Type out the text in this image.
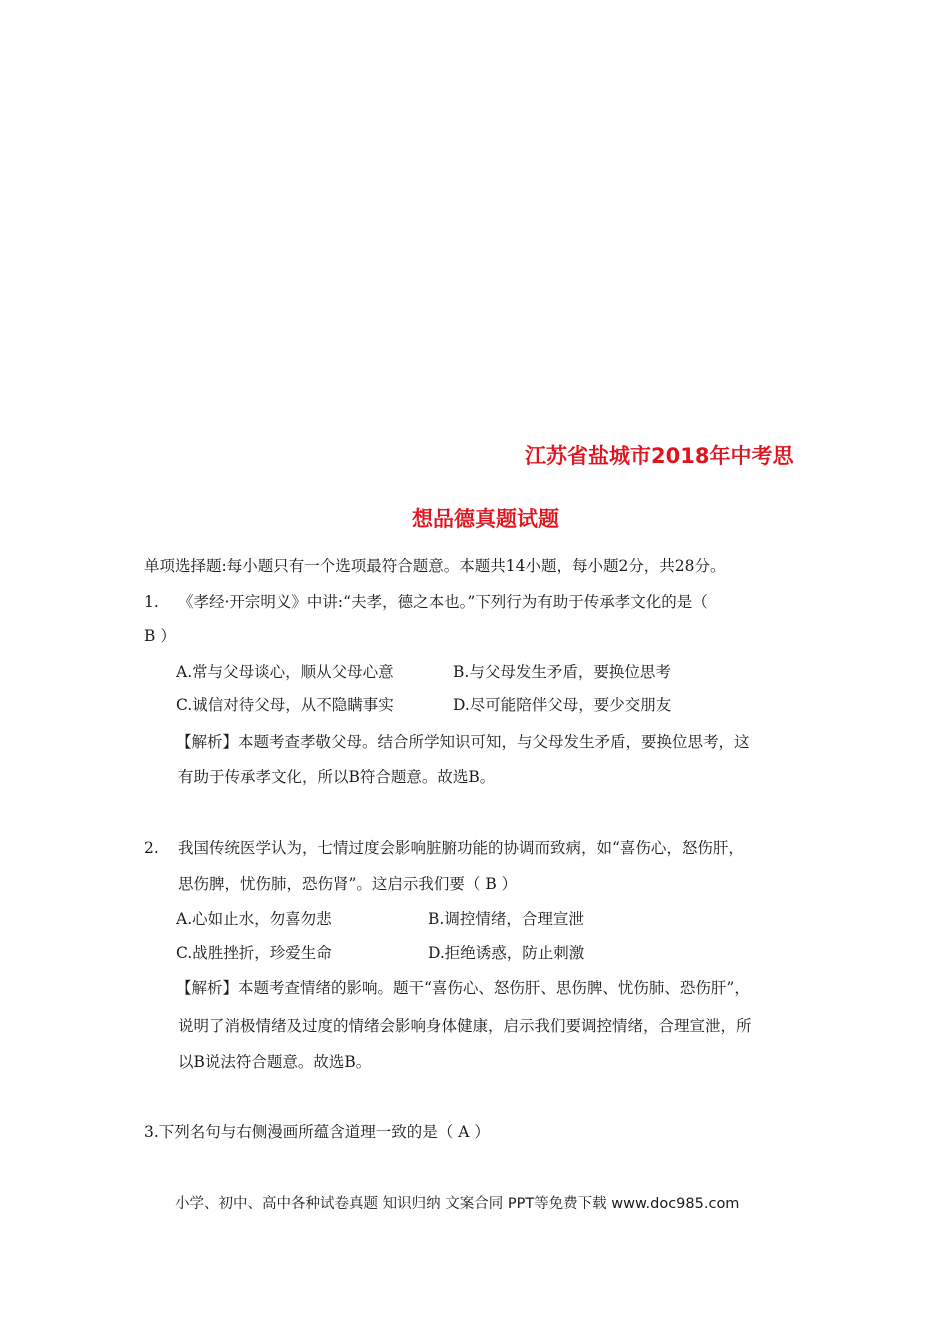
江苏省盐城市2018年中考思
想品德真题试题
单项选择题:每小题只有一个选项最符合题意。本题共14小题，每小题2分，共28分。
1. 《孝经·开宗明义》中讲:“夫孝，德之本也。”下列行为有助于传承孝文化的是（
B ）
A.常与父母谈心，顺从父母心意	B.与父母发生矛盾，要换位思考
C.诚信对待父母，从不隐瞒事实	D.尽可能陪伴父母，要少交朋友
【解析】本题考查孝敬父母。结合所学知识可知，与父母发生矛盾，要换位思考，这
有助于传承孝文化，所以B符合题意。故选B。
2. 我国传统医学认为，七情过度会影响脏腑功能的协调而致病，如“喜伤心，怒伤肝，
思伤脾，忧伤肺，恐伤肾”。这启示我们要（ B ）
A.心如止水，勿喜勿悲	B.调控情绪，合理宣泄
C.战胜挫折，珍爱生命	D.拒绝诱惑，防止刺激
【解析】本题考查情绪的影响。题干“喜伤心、怒伤肝、思伤脾、忧伤肺、恐伤肝”，
说明了消极情绪及过度的情绪会影响身体健康，启示我们要调控情绪，合理宣泄，所
以B说法符合题意。故选B。
3.下列名句与右侧漫画所蕴含道理一致的是（ A ）
小学、初中、高中各种试卷真题 知识归纳 文案合同 PPT等免费下载 www.doc985.com
